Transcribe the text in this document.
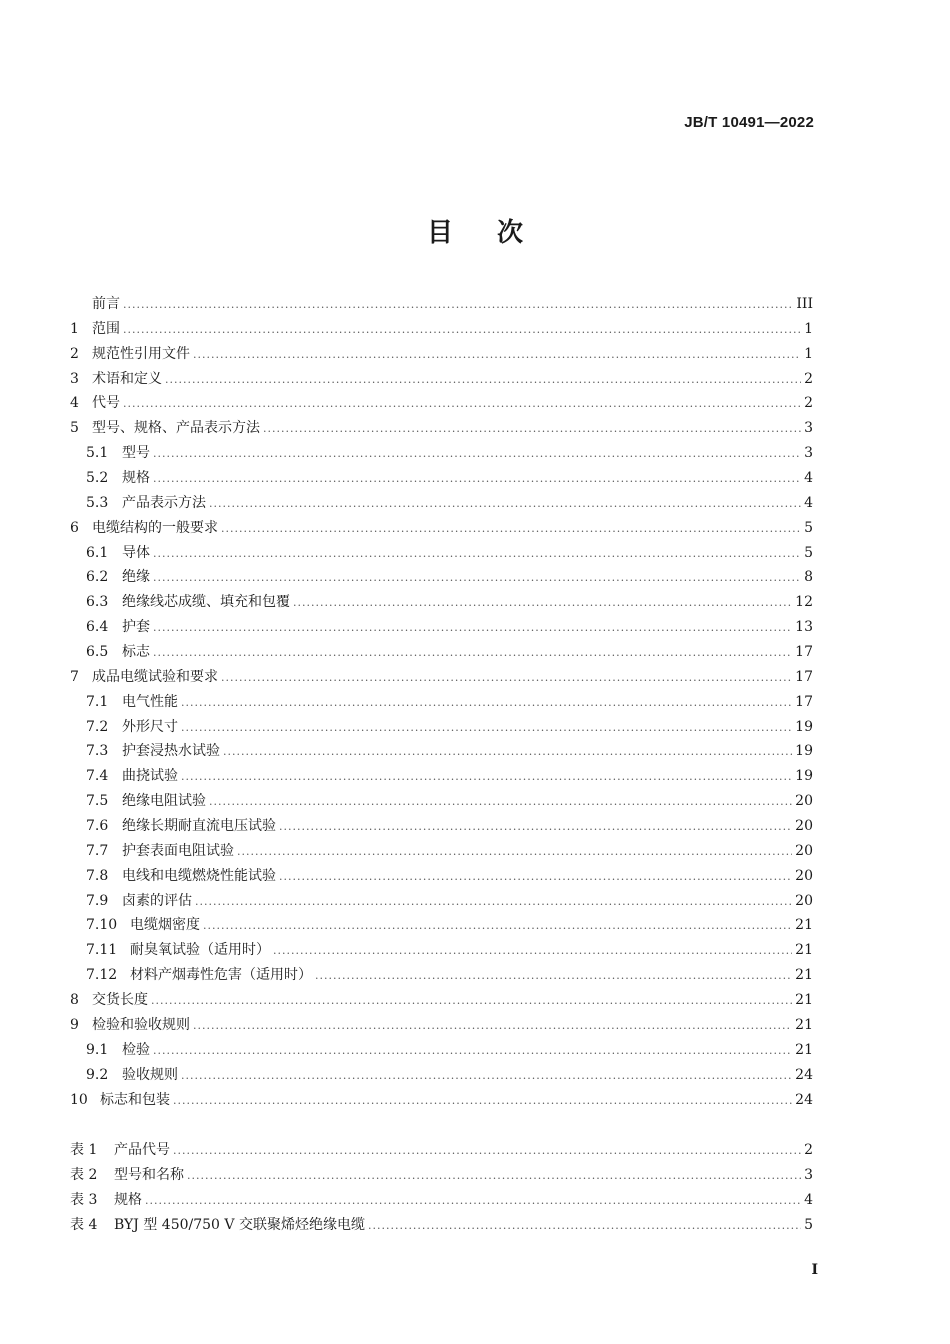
JB/T 10491—2022
目次
前言 .....	III
1 范围 .....	1
2 规范性引用文件 .....	1
3 术语和定义 .....	2
4 代号 .....	2
5 型号、规格、产品表示方法 .....	3
5.1 型号 .....	3
5.2 规格 .....	4
5.3 产品表示方法 .....	4
6 电缆结构的一般要求 .....	5
6.1 导体 .....	5
6.2 绝缘 .....	8
6.3 绝缘线芯成缆、填充和包覆 .....	12
6.4 护套 .....	13
6.5 标志 .....	17
7 成品电缆试验和要求 .....	17
7.1 电气性能 .....	17
7.2 外形尺寸 .....	19
7.3 护套浸热水试验 .....	19
7.4 曲挠试验 .....	19
7.5 绝缘电阻试验 .....	20
7.6 绝缘长期耐直流电压试验 .....	20
7.7 护套表面电阻试验 .....	20
7.8 电线和电缆燃烧性能试验 .....	20
7.9 卤素的评估 .....	20
7.10 电缆烟密度 .....	21
7.11 耐臭氧试验（适用时） .....	21
7.12 材料产烟毒性危害（适用时） .....	21
8 交货长度 .....	21
9 检验和验收规则 .....	21
9.1 检验 .....	21
9.2 验收规则 .....	24
10 标志和包装 .....	24
表 1	产品代号 .....	2
表 2	型号和名称 .....	3
表 3	规格 .....	4
表 4	BYJ 型 450/750 V 交联聚烯烃绝缘电缆 .....	5
I
